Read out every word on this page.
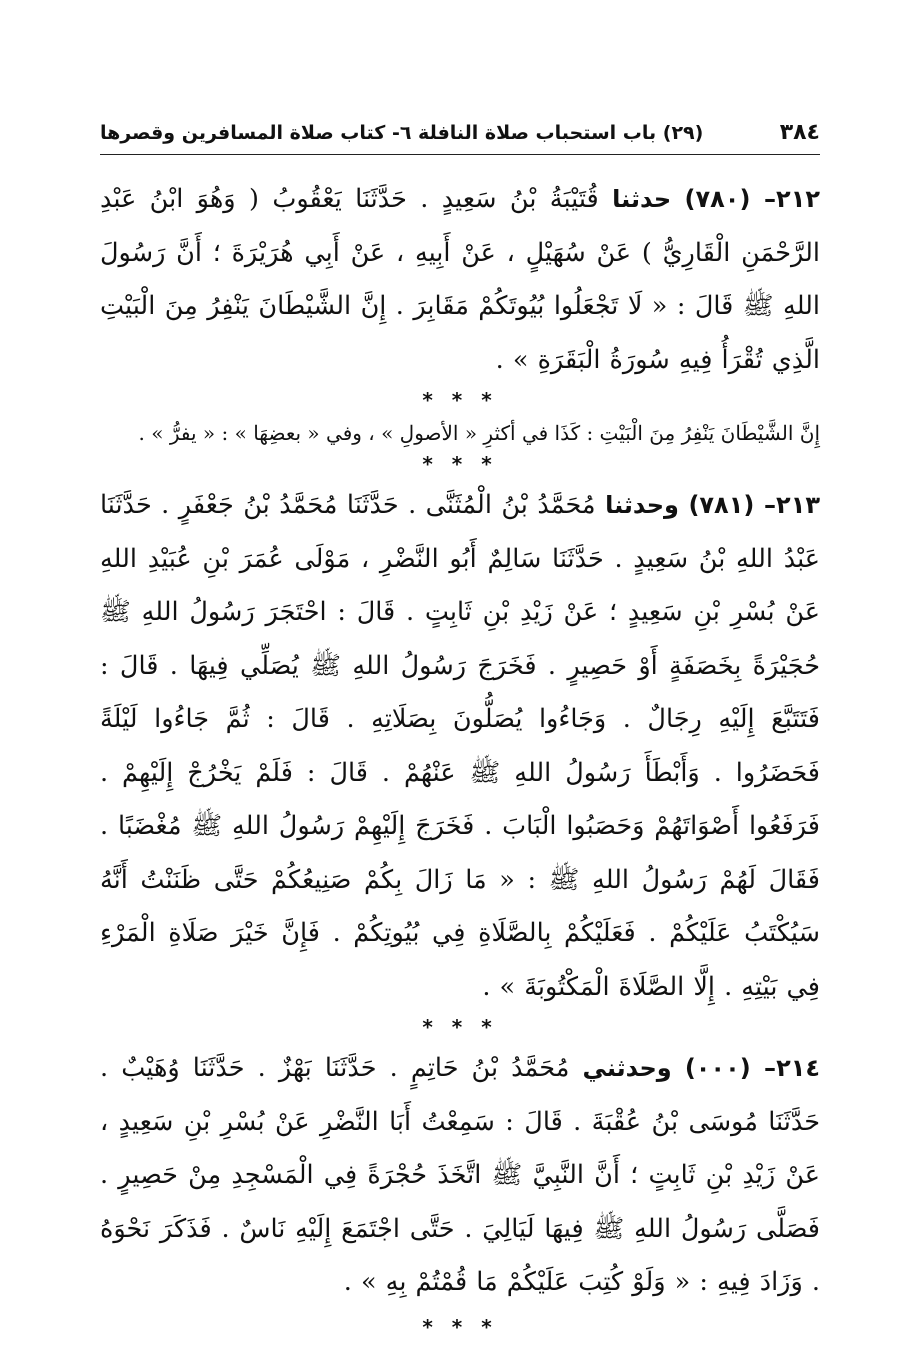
٣٨٤
(٢٩) باب استحباب صلاة النافلة ٦- كتاب صلاة المسافرين وقصرها

٢١٢– (٧٨٠) حدثنا قُتَيْبَةُ بْنُ سَعِيدٍ . حَدَّثَنَا يَعْقُوبُ ( وَهُوَ ابْنُ عَبْدِ الرَّحْمَنِ الْقَارِيُّ ) عَنْ سُهَيْلٍ ، عَنْ أَبِيهِ ، عَنْ أَبِي هُرَيْرَةَ ؛ أَنَّ رَسُولَ اللهِ ﷺ قَالَ : « لَا تَجْعَلُوا بُيُوتَكُمْ مَقَابِرَ . إِنَّ الشَّيْطَانَ يَنْفِرُ مِنَ الْبَيْتِ الَّذِي تُقْرَأُ فِيهِ سُورَةُ الْبَقَرَةِ » .

* * *
إِنَّ الشَّيْطَانَ يَنْفِرُ مِنَ الْبَيْتِ : كَذَا في أكثرِ « الأصولِ » ، وفي « بعضِهَا » : « يفرُّ » .
* * *

٢١٣– (٧٨١) وحدثنا مُحَمَّدُ بْنُ الْمُثَنَّى . حَدَّثَنَا مُحَمَّدُ بْنُ جَعْفَرٍ . حَدَّثَنَا عَبْدُ اللهِ بْنُ سَعِيدٍ . حَدَّثَنَا سَالِمٌ أَبُو النَّضْرِ ، مَوْلَى عُمَرَ بْنِ عُبَيْدِ اللهِ عَنْ بُسْرِ بْنِ سَعِيدٍ ؛ عَنْ زَيْدِ بْنِ ثَابِتٍ . قَالَ : احْتَجَرَ رَسُولُ اللهِ ﷺ حُجَيْرَةً بِخَصَفَةٍ أَوْ حَصِيرٍ . فَخَرَجَ رَسُولُ اللهِ ﷺ يُصَلِّي فِيهَا . قَالَ : فَتَتَبَّعَ إِلَيْهِ رِجَالٌ . وَجَاءُوا يُصَلُّونَ بِصَلَاتِهِ . قَالَ : ثُمَّ جَاءُوا لَيْلَةً فَحَضَرُوا . وَأَبْطَأَ رَسُولُ اللهِ ﷺ عَنْهُمْ . قَالَ : فَلَمْ يَخْرُجْ إِلَيْهِمْ . فَرَفَعُوا أَصْوَاتَهُمْ وَحَصَبُوا الْبَابَ . فَخَرَجَ إِلَيْهِمْ رَسُولُ اللهِ ﷺ مُغْضَبًا . فَقَالَ لَهُمْ رَسُولُ اللهِ ﷺ : « مَا زَالَ بِكُمْ صَنِيعُكُمْ حَتَّى ظَنَنْتُ أَنَّهُ سَيُكْتَبُ عَلَيْكُمْ . فَعَلَيْكُمْ بِالصَّلَاةِ فِي بُيُوتِكُمْ . فَإِنَّ خَيْرَ صَلَاةِ الْمَرْءِ فِي بَيْتِهِ . إِلَّا الصَّلَاةَ الْمَكْتُوبَةَ » .

* * *

٢١٤– (٠٠٠) وحدثني مُحَمَّدُ بْنُ حَاتِمٍ . حَدَّثَنَا بَهْزٌ . حَدَّثَنَا وُهَيْبٌ . حَدَّثَنَا مُوسَى بْنُ عُقْبَةَ . قَالَ : سَمِعْتُ أَبَا النَّضْرِ عَنْ بُسْرِ بْنِ سَعِيدٍ ، عَنْ زَيْدِ بْنِ ثَابِتٍ ؛ أَنَّ النَّبِيَّ ﷺ اتَّخَذَ حُجْرَةً فِي الْمَسْجِدِ مِنْ حَصِيرٍ . فَصَلَّى رَسُولُ اللهِ ﷺ فِيهَا لَيَالِيَ . حَتَّى اجْتَمَعَ إِلَيْهِ نَاسٌ . فَذَكَرَ نَحْوَهُ . وَزَادَ فِيهِ : « وَلَوْ كُتِبَ عَلَيْكُمْ مَا قُمْتُمْ بِهِ » .

* * *
